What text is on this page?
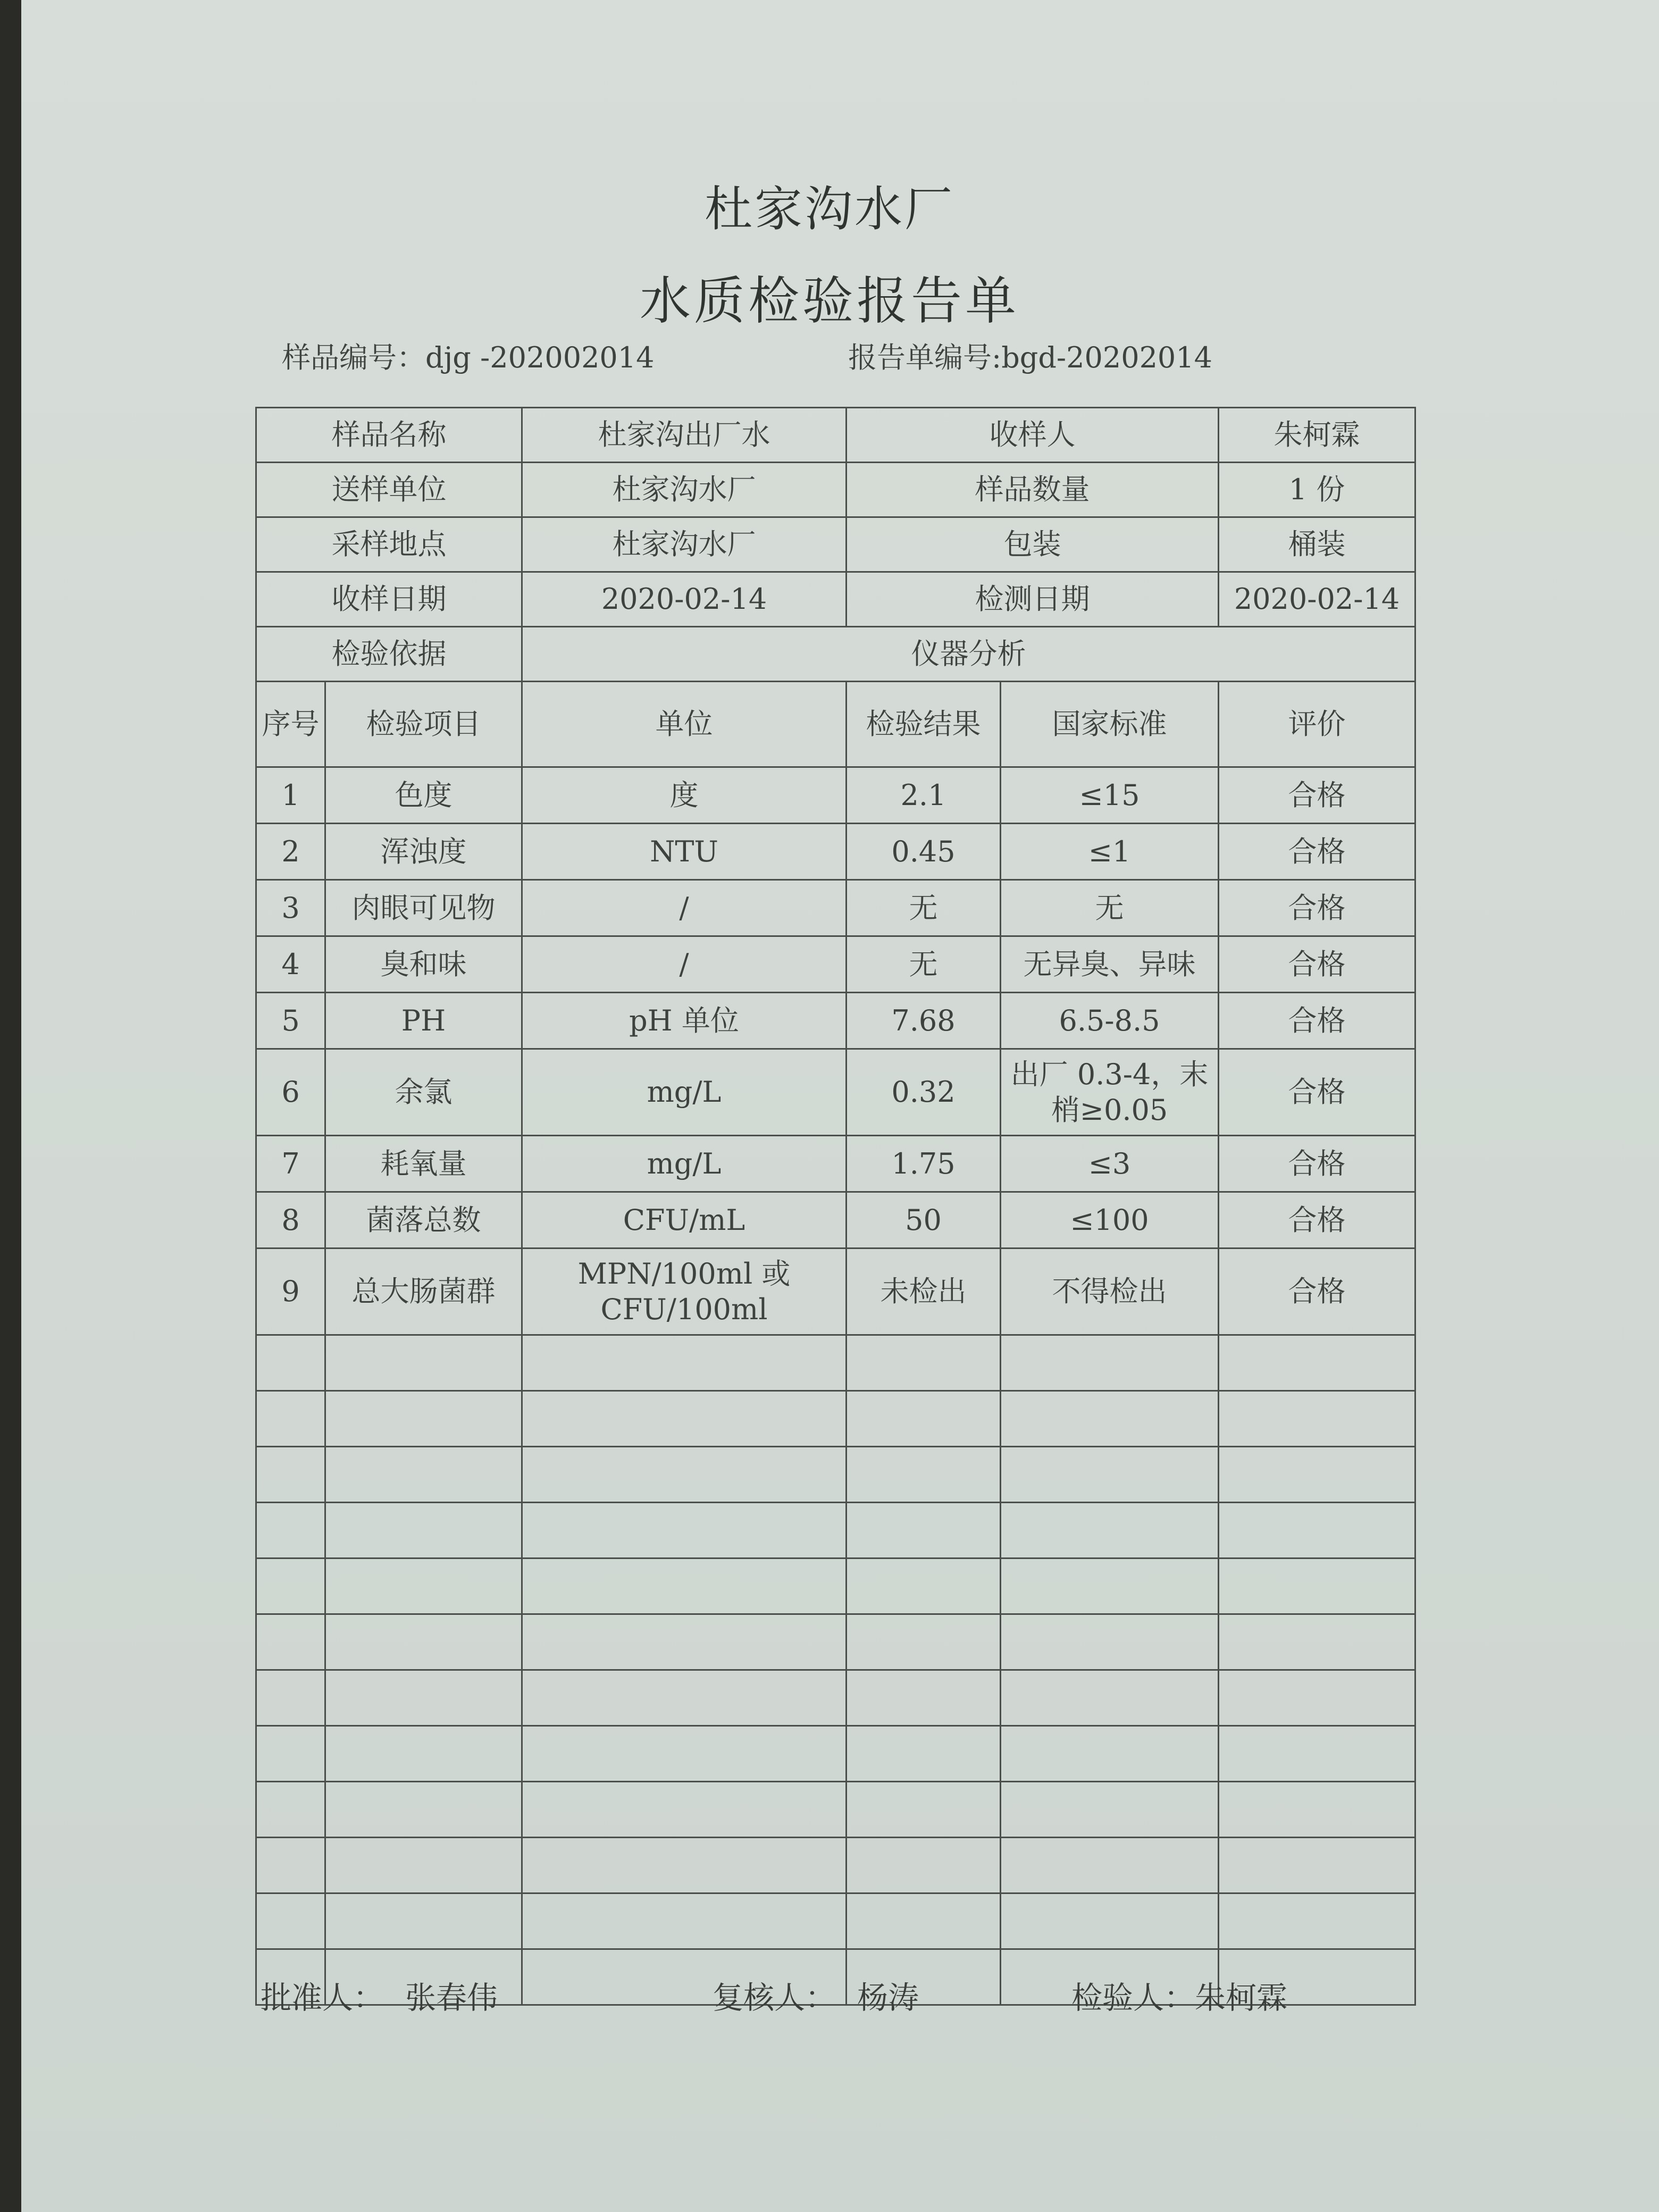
杜家沟水厂
水质检验报告单
样品编号：djg -202002014	报告单编号:bgd-20202014
样品名称		杜家沟出厂水	收样人		朱柯霖
送样单位		杜家沟水厂	样品数量		1 份
采样地点		杜家沟水厂	包装		桶装
收样日期		2020-02-14	检测日期		2020-02-14
检验依据		仪器分析			
序号	检验项目	单位	检验结果	国家标准	评价
1	色度	度	2.1	≤15	合格
2	浑浊度	NTU	0.45	≤1	合格
3	肉眼可见物	/	无	无	合格
4	臭和味	/	无	无异臭、异味	合格
5	PH	pH 单位	7.68	6.5-8.5	合格
6	余氯	mg/L	0.32	出厂 0.3-4，末梢≥0.05	合格
7	耗氧量	mg/L	1.75	≤3	合格
8	菌落总数	CFU/mL	50	≤100	合格
9	总大肠菌群	MPN/100ml 或 CFU/100ml	未检出	不得检出	合格

批准人： 张春伟	复核人： 杨涛	检验人：朱柯霖
